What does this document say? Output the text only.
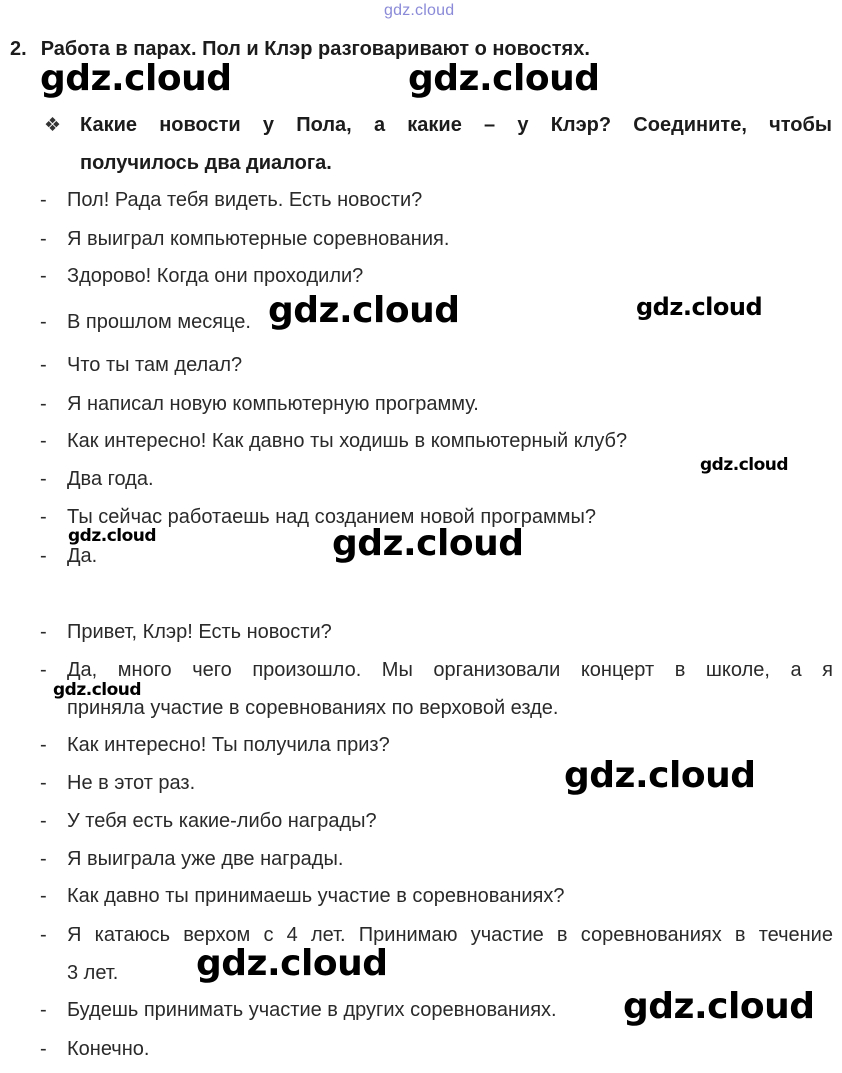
gdz.cloud
2. Работа в парах. Пол и Клэр разговаривают о новостях.
❖ Какие новости у Пола, а какие – у Клэр? Соедините, чтобы
получилось два диалога.
- Пол! Рада тебя видеть. Есть новости?
- Я выиграл компьютерные соревнования.
- Здорово! Когда они проходили?
- В прошлом месяце.
- Что ты там делал?
- Я написал новую компьютерную программу.
- Как интересно! Как давно ты ходишь в компьютерный клуб?
- Два года.
- Ты сейчас работаешь над созданием новой программы?
- Да.
- Привет, Клэр! Есть новости?
- Да, много чего произошло. Мы организовали концерт в школе, а я
приняла участие в соревнованиях по верховой езде.
- Как интересно! Ты получила приз?
- Не в этот раз.
- У тебя есть какие-либо награды?
- Я выиграла уже две награды.
- Как давно ты принимаешь участие в соревнованиях?
- Я катаюсь верхом с 4 лет. Принимаю участие в соревнованиях в течение
3 лет.
- Будешь принимать участие в других соревнованиях.
- Конечно.
gdz.cloud	gdz.cloud
gdz.cloud	gdz.cloud
gdz.cloud
gdz.cloud	gdz.cloud
gdz.cloud
gdz.cloud
gdz.cloud
gdz.cloud
